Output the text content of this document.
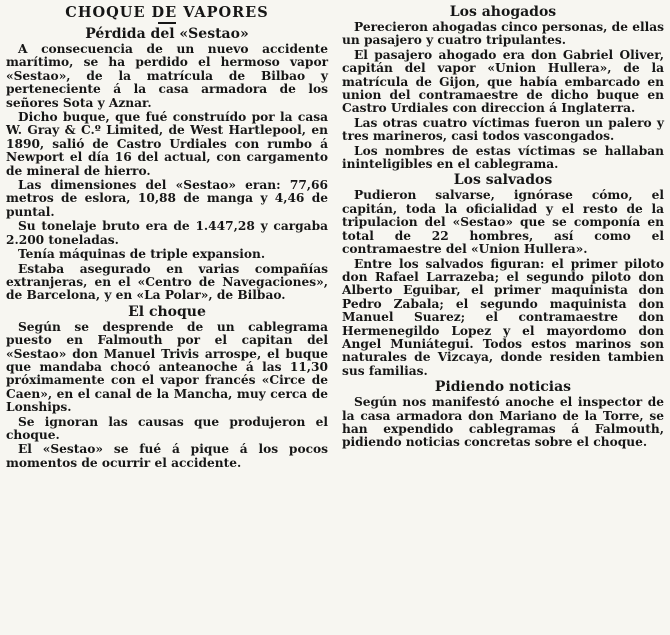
CHOQUE DE VAPORES
Pérdida del «Sestao»

A consecuencia de un nuevo accidente marítimo, se ha perdido el hermoso vapor «Sestao», de la matrícula de Bilbao y perteneciente á la casa armadora de los señores Sota y Aznar.

Dicho buque, que fué construído por la casa W. Gray & C.º Limited, de West Hartlepool, en 1890, salió de Castro Urdiales con rumbo á Newport el día 16 del actual, con cargamento de mineral de hierro.

Las dimensiones del «Sestao» eran: 77,66 metros de eslora, 10,88 de manga y 4,46 de puntal.

Su tonelaje bruto era de 1.447,28 y cargaba 2.200 toneladas.

Tenía máquinas de triple expansion.

Estaba asegurado en varias compañías extranjeras, en el «Centro de Navegaciones», de Barcelona, y en «La Polar», de Bilbao.

El choque

Según se desprende de un cablegrama puesto en Falmouth por el capitan del «Sestao» don Manuel Trivis arrospe, el buque que mandaba chocó anteanoche á las 11,30 próximamente con el vapor francés «Circe de Caen», en el canal de la Mancha, muy cerca de Lonships.

Se ignoran las causas que produjeron el choque.

El «Sestao» se fué á pique á los pocos momentos de ocurrir el accidente.

Los ahogados

Perecieron ahogadas cinco personas, de ellas un pasajero y cuatro tripulantes.

El pasajero ahogado era don Gabriel Oliver, capitán del vapor «Union Hullera», de la matrícula de Gijon, que había embarcado en union del contramaestre de dicho buque en Castro Urdiales con direccion á Inglaterra.

Las otras cuatro víctimas fueron un palero y tres marineros, casi todos vascongados.

Los nombres de estas víctimas se hallaban ininteligibles en el cablegrama.

Los salvados

Pudieron salvarse, ignórase cómo, el capitán, toda la oficialidad y el resto de la tripulacion del «Sestao» que se componía en total de 22 hombres, así como el contramaestre del «Union Hullera».

Entre los salvados figuran: el primer piloto don Rafael Larrazeba; el segundo piloto don Alberto Eguibar, el primer maquinista don Pedro Zabala; el segundo maquinista don Manuel Suarez; el contramaestre don Hermenegildo Lopez y el mayordomo don Angel Muniátegui. Todos estos marinos son naturales de Vizcaya, donde residen tambien sus familias.

Pidiendo noticias

Según nos manifestó anoche el inspector de la casa armadora don Mariano de la Torre, se han expendido cablegramas á Falmouth, pidiendo noticias concretas sobre el choque.
